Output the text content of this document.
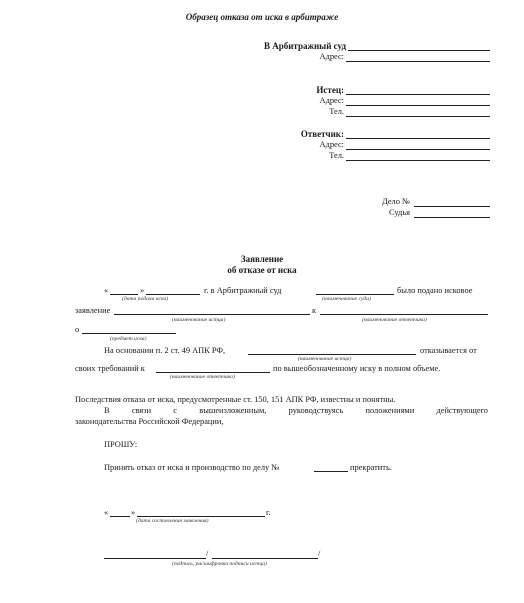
Образец отказа от иска в арбитраже
В Арбитражный суд
Адрес:
Истец:
Адрес:
Тел.
Ответчик:
Адрес:
Тел.
Дело №
Судья
Заявление
об отказе от иска
«	»	г. в Арбитражный суд	было подано исковое
(дата подачи иска)	(наименование суда)
заявление	к
(наименование истца)	(наименование ответчика)
о
(предмет иска)
На основании п. 2 ст. 49 АПК РФ,	отказывается от
(наименование истца)
своих требований к	по вышеобозначенному иску в полном объеме.
(наименование ответчика)
Последствия отказа от иска, предусмотренные ст. 150, 151 АПК РФ, известны и понятны.
В связи с вышеизложенным, руководствуясь положениями действующего
законодательства Российской Федерации,
ПРОШУ:
Принять отказ от иска и производство по делу №	прекратить.
«	»	г.
(дата составления заявления)
/	/
(подпись, расшифровка подписи истца)
